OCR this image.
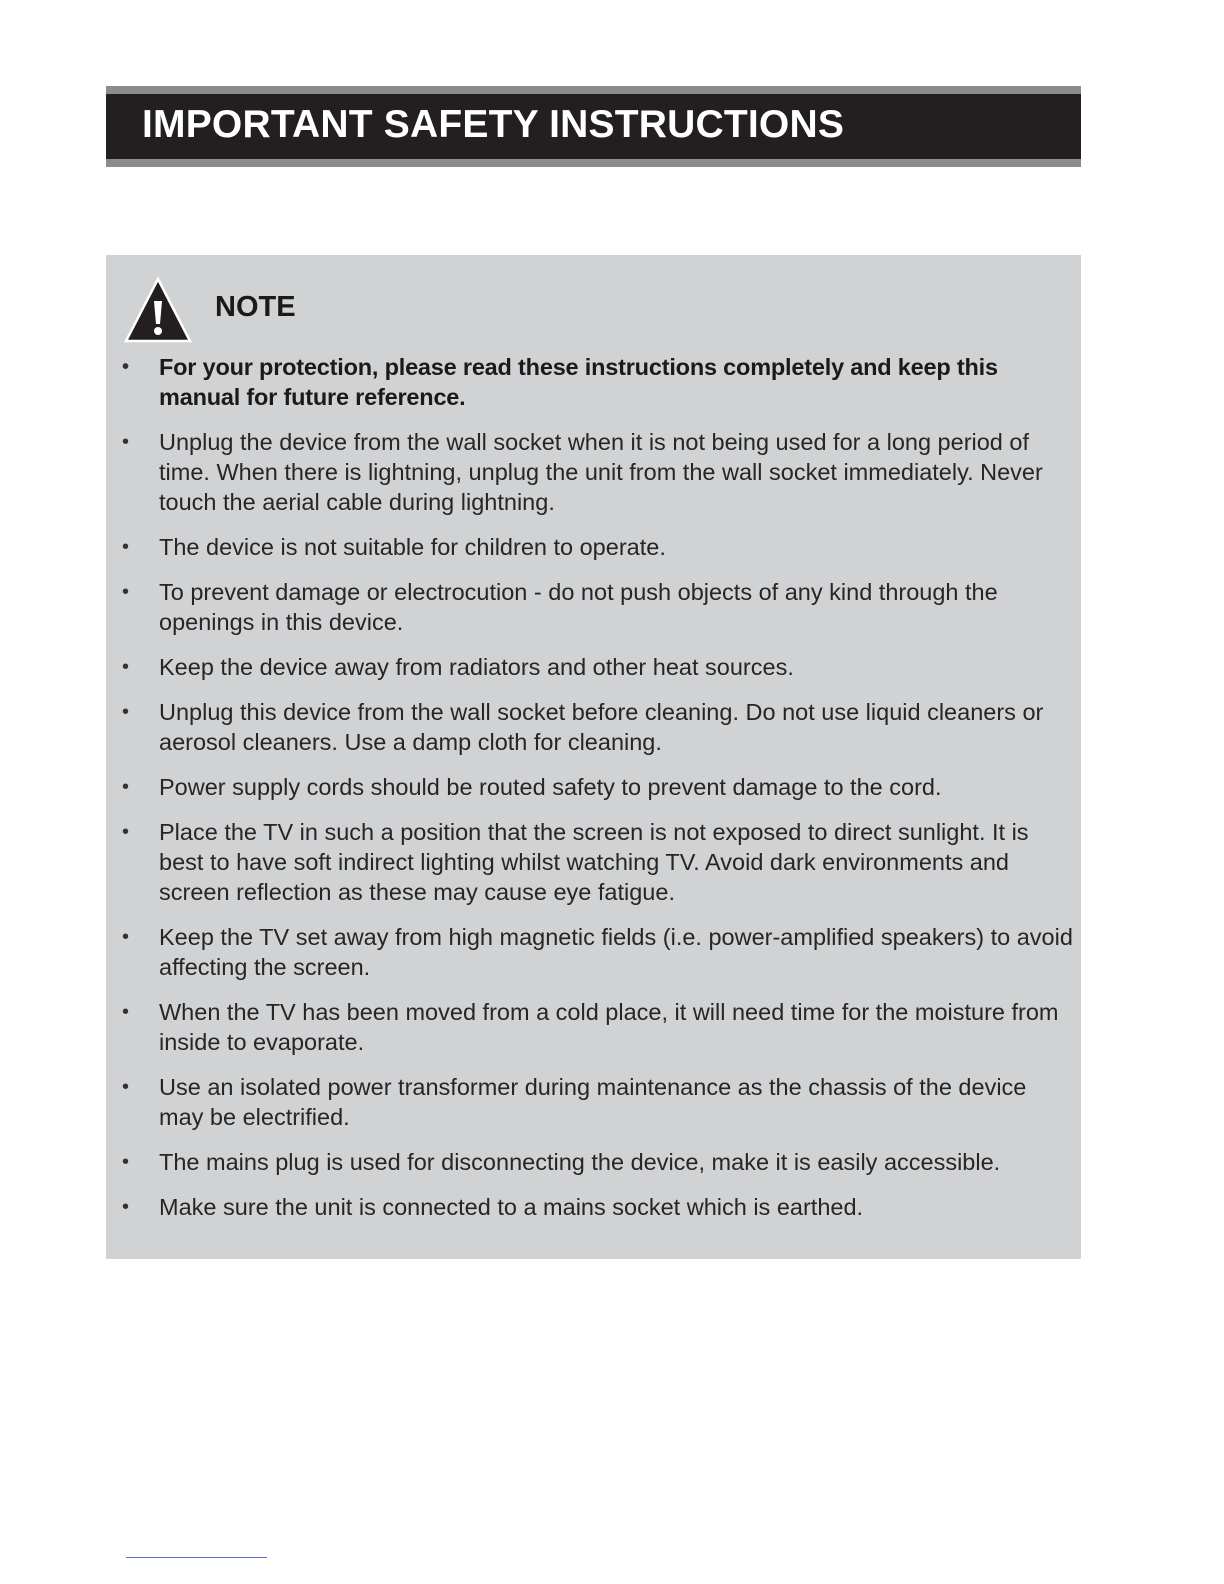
IMPORTANT SAFETY INSTRUCTIONS
NOTE
•	For your protection, please read these instructions completely and keep this manual for future reference.
•	Unplug the device from the wall socket when it is not being used for a long period of time. When there is lightning, unplug the unit from the wall socket immediately. Never touch the aerial cable during lightning.
•	The device is not suitable for children to operate.
•	To prevent damage or electrocution - do not push objects of any kind through the openings in this device.
•	Keep the device away from radiators and other heat sources.
•	Unplug this device from the wall socket before cleaning. Do not use liquid cleaners or aerosol cleaners. Use a damp cloth for cleaning.
•	Power supply cords should be routed safety to prevent damage to the cord.
•	Place the TV in such a position that the screen is not exposed to direct sunlight. It is best to have soft indirect lighting whilst watching TV. Avoid dark environments and screen reflection as these may cause eye fatigue.
•	Keep the TV set away from high magnetic fields (i.e. power-amplified speakers) to avoid affecting the screen.
•	When the TV has been moved from a cold place, it will need time for the moisture from inside to evaporate.
•	Use an isolated power transformer during maintenance as the chassis of the device may be electrified.
•	The mains plug is used for disconnecting the device, make it is easily accessible.
•	Make sure the unit is connected to a mains socket which is earthed.
